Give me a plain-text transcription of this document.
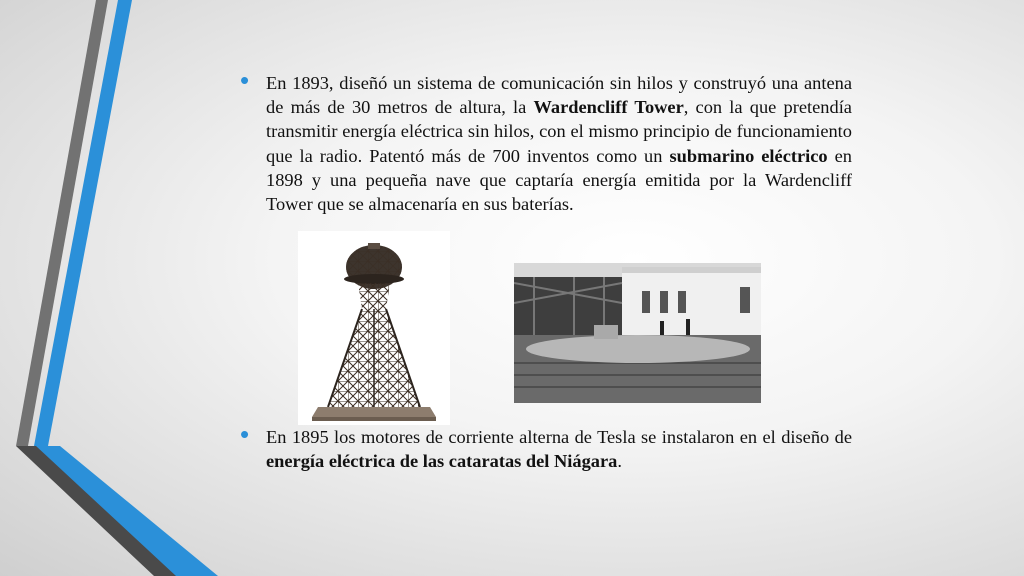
• En 1893, diseñó un sistema de comunicación sin hilos y construyó una antena de más de 30 metros de altura, la Wardencliff Tower, con la que pretendía transmitir energía eléctrica sin hilos, con el mismo principio de funcionamiento que la radio. Patentó más de 700 inventos como un submarino eléctrico en 1898 y una pequeña nave que captaría energía emitida por la Wardencliff Tower que se almacenaría en sus baterías.
• En 1895 los motores de corriente alterna de Tesla se instalaron en el diseño de energía eléctrica de las cataratas del Niágara.
